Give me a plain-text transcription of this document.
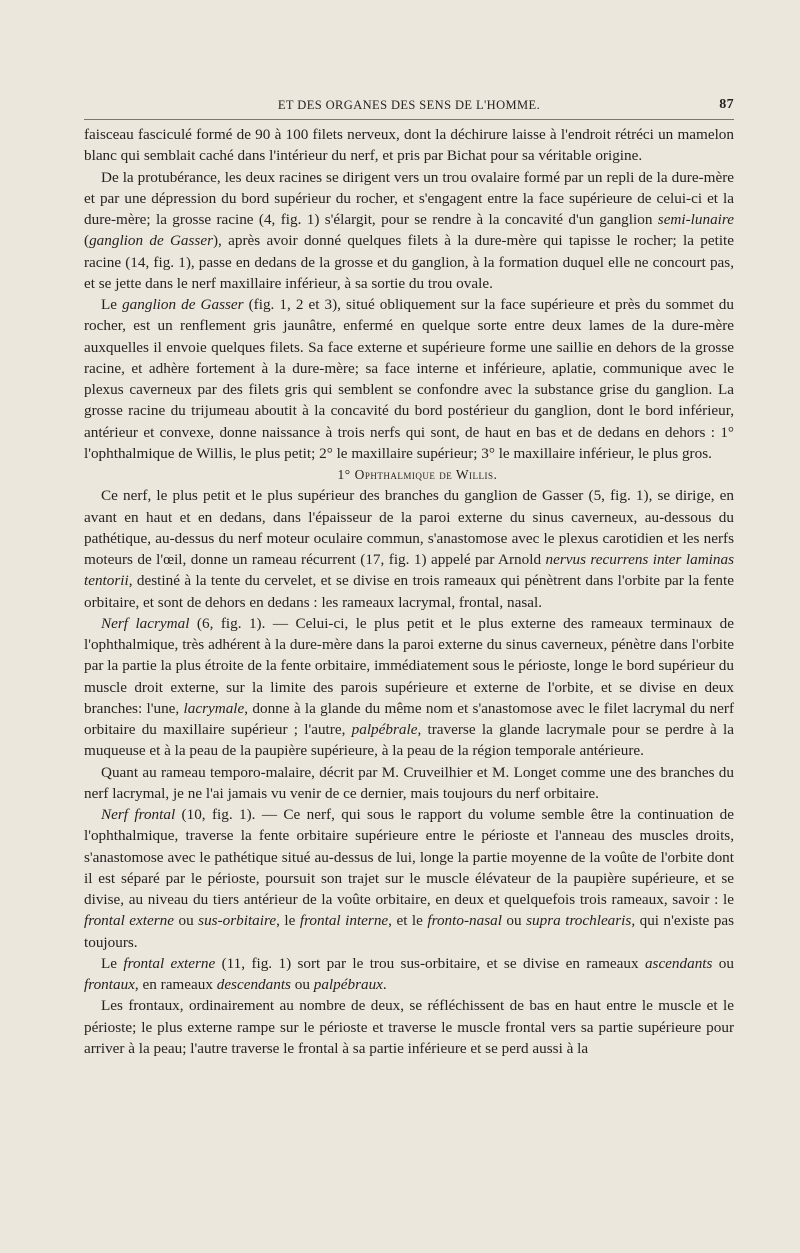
ET DES ORGANES DES SENS DE L'HOMME.	87

faisceau fasciculé formé de 90 à 100 filets nerveux, dont la déchirure laisse à l'endroit rétréci un mamelon blanc qui semblait caché dans l'intérieur du nerf, et pris par Bichat pour sa véritable origine.

De la protubérance, les deux racines se dirigent vers un trou ovalaire formé par un repli de la dure-mère et par une dépression du bord supérieur du rocher, et s'engagent entre la face supérieure de celui-ci et la dure-mère; la grosse racine (4, fig. 1) s'élargit, pour se rendre à la concavité d'un ganglion semi-lunaire (ganglion de Gasser), après avoir donné quelques filets à la dure-mère qui tapisse le rocher; la petite racine (14, fig. 1), passe en dedans de la grosse et du ganglion, à la formation duquel elle ne concourt pas, et se jette dans le nerf maxillaire inférieur, à sa sortie du trou ovale.

Le ganglion de Gasser (fig. 1, 2 et 3), situé obliquement sur la face supérieure et près du sommet du rocher, est un renflement gris jaunâtre, enfermé en quelque sorte entre deux lames de la dure-mère auxquelles il envoie quelques filets. Sa face externe et supérieure forme une saillie en dehors de la grosse racine, et adhère fortement à la dure-mère; sa face interne et inférieure, aplatie, communique avec le plexus caverneux par des filets gris qui semblent se confondre avec la substance grise du ganglion. La grosse racine du trijumeau aboutit à la concavité du bord postérieur du ganglion, dont le bord inférieur, antérieur et convexe, donne naissance à trois nerfs qui sont, de haut en bas et de dedans en dehors : 1° l'ophthalmique de Willis, le plus petit; 2° le maxillaire supérieur; 3° le maxillaire inférieur, le plus gros.

1° Ophthalmique de Willis.

Ce nerf, le plus petit et le plus supérieur des branches du ganglion de Gasser (5, fig. 1), se dirige, en avant en haut et en dedans, dans l'épaisseur de la paroi externe du sinus caverneux, au-dessous du pathétique, au-dessus du nerf moteur oculaire commun, s'anastomose avec le plexus carotidien et les nerfs moteurs de l'œil, donne un rameau récurrent (17, fig. 1) appelé par Arnold nervus recurrens inter laminas tentorii, destiné à la tente du cervelet, et se divise en trois rameaux qui pénètrent dans l'orbite par la fente orbitaire, et sont de dehors en dedans : les rameaux lacrymal, frontal, nasal.

Nerf lacrymal (6, fig. 1). — Celui-ci, le plus petit et le plus externe des rameaux terminaux de l'ophthalmique, très adhérent à la dure-mère dans la paroi externe du sinus caverneux, pénètre dans l'orbite par la partie la plus étroite de la fente orbitaire, immédiatement sous le périoste, longe le bord supérieur du muscle droit externe, sur la limite des parois supérieure et externe de l'orbite, et se divise en deux branches: l'une, lacrymale, donne à la glande du même nom et s'anastomose avec le filet lacrymal du nerf orbitaire du maxillaire supérieur ; l'autre, palpébrale, traverse la glande lacrymale pour se perdre à la muqueuse et à la peau de la paupière supérieure, à la peau de la région temporale antérieure.

Quant au rameau temporo-malaire, décrit par M. Cruveilhier et M. Longet comme une des branches du nerf lacrymal, je ne l'ai jamais vu venir de ce dernier, mais toujours du nerf orbitaire.

Nerf frontal (10, fig. 1). — Ce nerf, qui sous le rapport du volume semble être la continuation de l'ophthalmique, traverse la fente orbitaire supérieure entre le périoste et l'anneau des muscles droits, s'anastomose avec le pathétique situé au-dessus de lui, longe la partie moyenne de la voûte de l'orbite dont il est séparé par le périoste, poursuit son trajet sur le muscle élévateur de la paupière supérieure, et se divise, au niveau du tiers antérieur de la voûte orbitaire, en deux et quelquefois trois rameaux, savoir : le frontal externe ou sus-orbitaire, le frontal interne, et le fronto-nasal ou supra trochlearis, qui n'existe pas toujours.

Le frontal externe (11, fig. 1) sort par le trou sus-orbitaire, et se divise en rameaux ascendants ou frontaux, en rameaux descendants ou palpébraux.

Les frontaux, ordinairement au nombre de deux, se réfléchissent de bas en haut entre le muscle et le périoste; le plus externe rampe sur le périoste et traverse le muscle frontal vers sa partie supérieure pour arriver à la peau; l'autre traverse le frontal à sa partie inférieure et se perd aussi à la
